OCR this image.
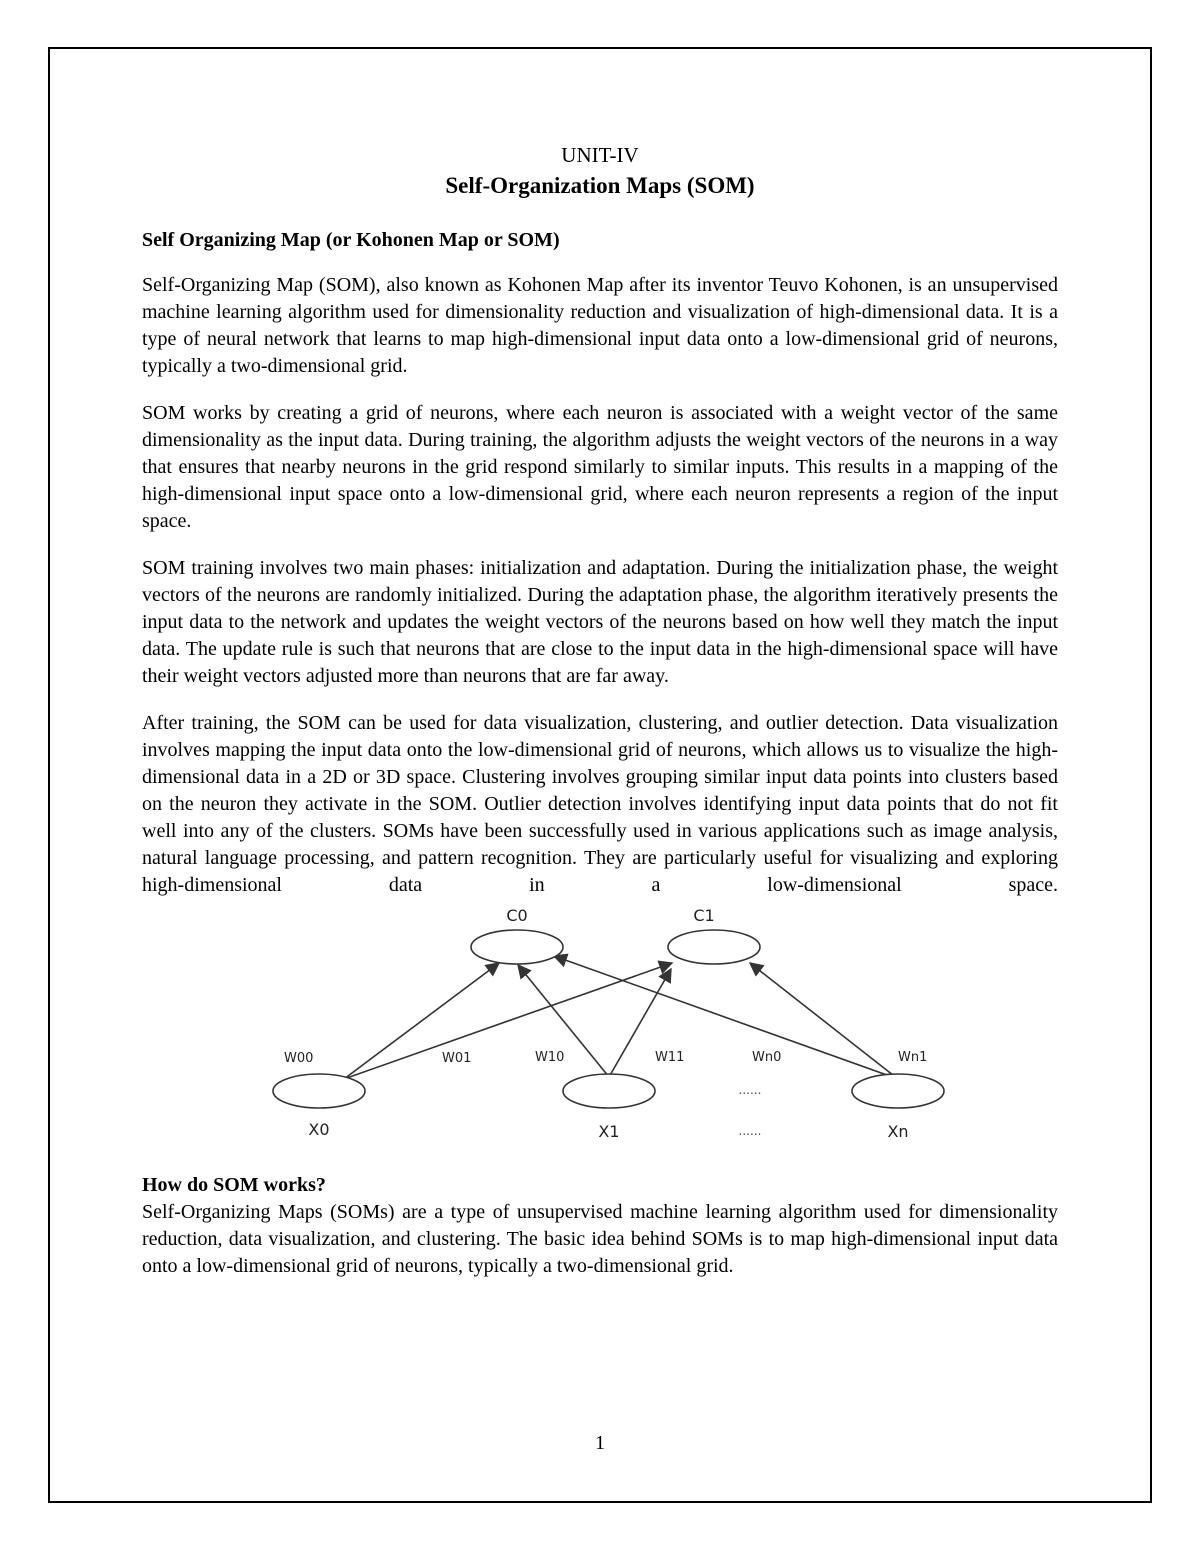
UNIT-IV
Self-Organization Maps (SOM)
Self Organizing Map (or Kohonen Map or SOM)

Self-Organizing Map (SOM), also known as Kohonen Map after its inventor Teuvo Kohonen, is an unsupervised machine learning algorithm used for dimensionality reduction and visualization of high-dimensional data. It is a type of neural network that learns to map high-dimensional input data onto a low-dimensional grid of neurons, typically a two-dimensional grid.

SOM works by creating a grid of neurons, where each neuron is associated with a weight vector of the same dimensionality as the input data. During training, the algorithm adjusts the weight vectors of the neurons in a way that ensures that nearby neurons in the grid respond similarly to similar inputs. This results in a mapping of the high-dimensional input space onto a low-dimensional grid, where each neuron represents a region of the input space.

SOM training involves two main phases: initialization and adaptation. During the initialization phase, the weight vectors of the neurons are randomly initialized. During the adaptation phase, the algorithm iteratively presents the input data to the network and updates the weight vectors of the neurons based on how well they match the input data. The update rule is such that neurons that are close to the input data in the high-dimensional space will have their weight vectors adjusted more than neurons that are far away.

After training, the SOM can be used for data visualization, clustering, and outlier detection. Data visualization involves mapping the input data onto the low-dimensional grid of neurons, which allows us to visualize the high-dimensional data in a 2D or 3D space. Clustering involves grouping similar input data points into clusters based on the neuron they activate in the SOM. Outlier detection involves identifying input data points that do not fit well into any of the clusters. SOMs have been successfully used in various applications such as image analysis, natural language processing, and pattern recognition. They are particularly useful for visualizing and exploring high-dimensional data in a low-dimensional space.

C0	C1
W00	W01	W10	W11	Wn0	Wn1
......
......
X0	X1	Xn
How do SOM works?

Self-Organizing Maps (SOMs) are a type of unsupervised machine learning algorithm used for dimensionality reduction, data visualization, and clustering. The basic idea behind SOMs is to map high-dimensional input data onto a low-dimensional grid of neurons, typically a two-dimensional grid.

1
